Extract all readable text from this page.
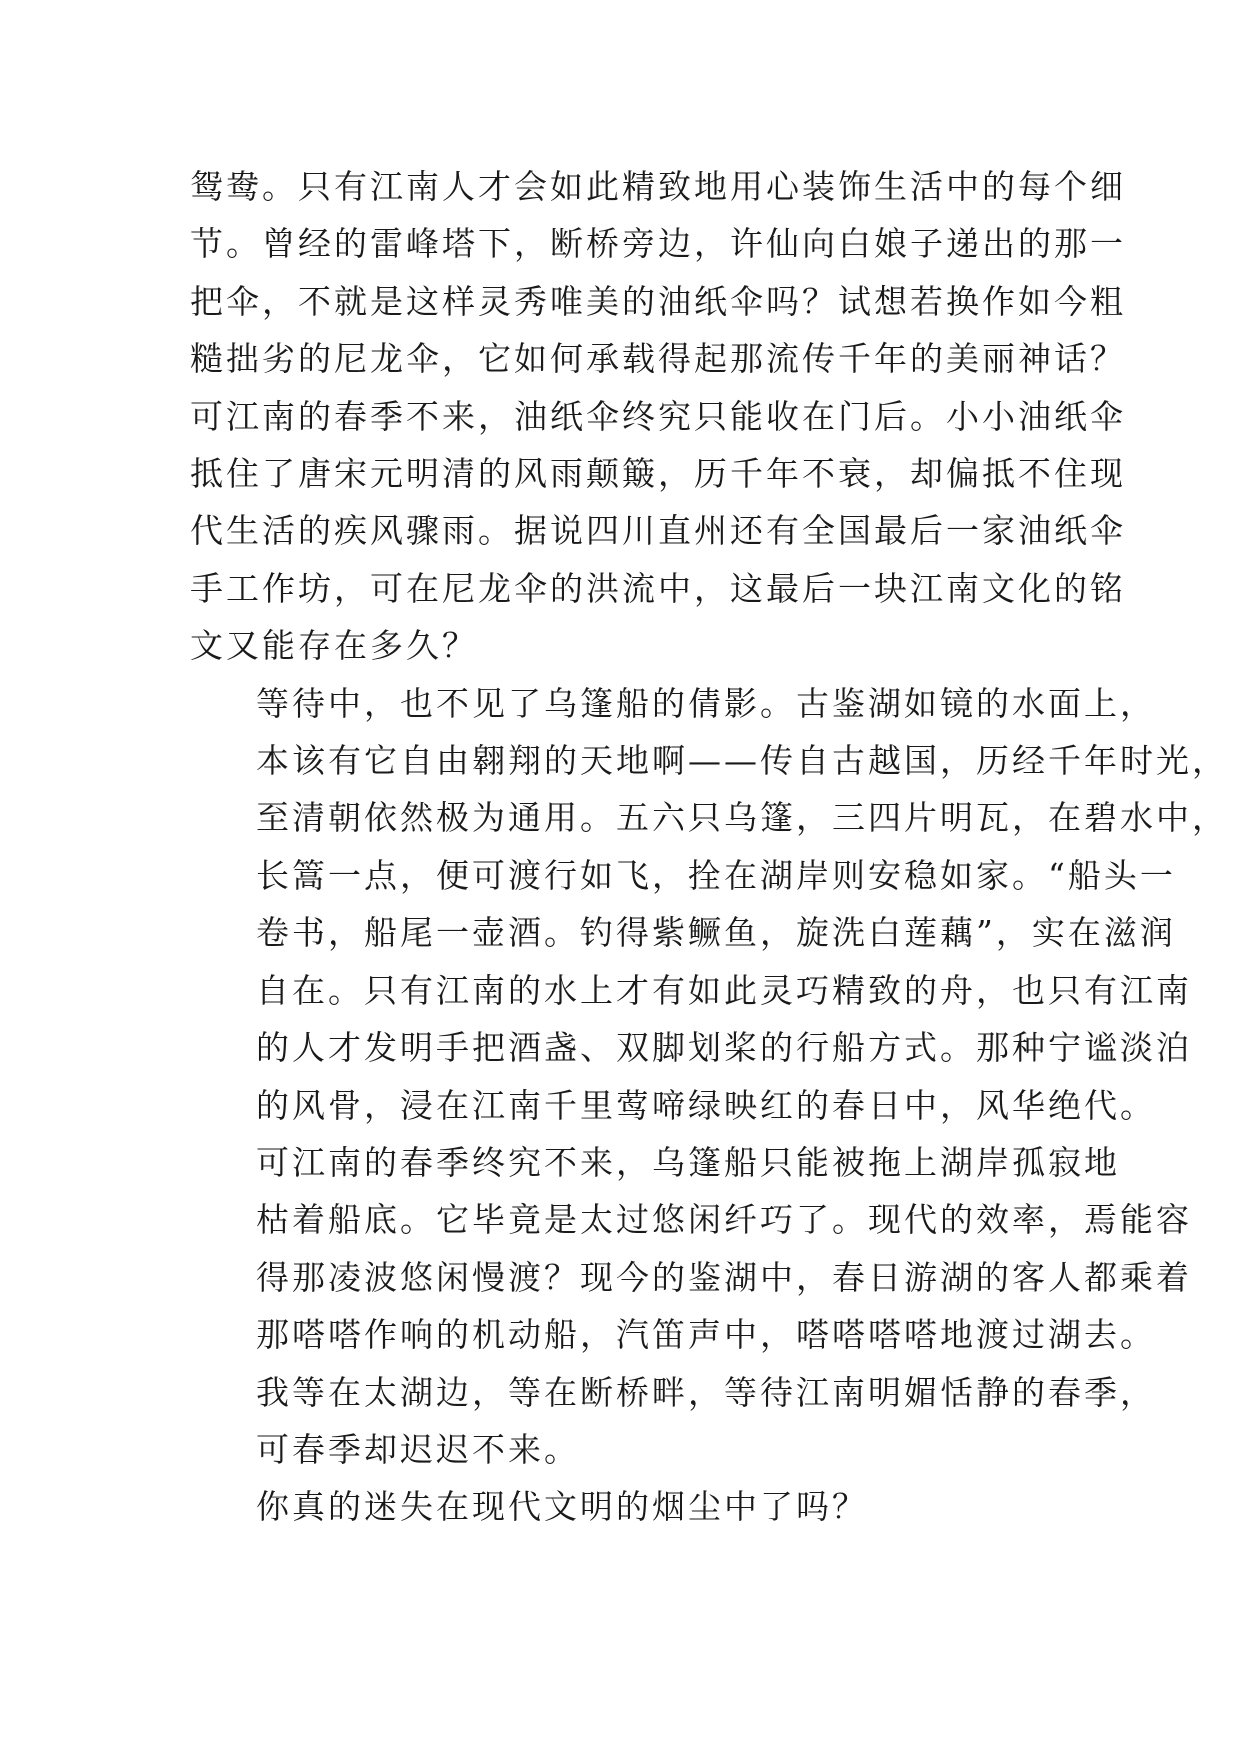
鸳鸯。只有江南人才会如此精致地用心装饰生活中的每个细
节。曾经的雷峰塔下，断桥旁边，许仙向白娘子递出的那一
把伞，不就是这样灵秀唯美的油纸伞吗？试想若换作如今粗
糙拙劣的尼龙伞，它如何承载得起那流传千年的美丽神话？
可江南的春季不来，油纸伞终究只能收在门后。小小油纸伞
抵住了唐宋元明清的风雨颠簸，历千年不衰，却偏抵不住现
代生活的疾风骤雨。据说四川直州还有全国最后一家油纸伞
手工作坊，可在尼龙伞的洪流中，这最后一块江南文化的铭
文又能存在多久？

等待中，也不见了乌篷船的倩影。古鉴湖如镜的水面上，
本该有它自由翱翔的天地啊——传自古越国，历经千年时光，
至清朝依然极为通用。五六只乌篷，三四片明瓦，在碧水中，
长篙一点，便可渡行如飞，拴在湖岸则安稳如家。“船头一
卷书，船尾一壶酒。钓得紫鳜鱼，旋洗白莲藕”，实在滋润
自在。只有江南的水上才有如此灵巧精致的舟，也只有江南
的人才发明手把酒盏、双脚划桨的行船方式。那种宁谧淡泊
的风骨，浸在江南千里莺啼绿映红的春日中，风华绝代。

可江南的春季终究不来，乌篷船只能被拖上湖岸孤寂地
枯着船底。它毕竟是太过悠闲纤巧了。现代的效率，焉能容
得那凌波悠闲慢渡？现今的鉴湖中，春日游湖的客人都乘着
那嗒嗒作响的机动船，汽笛声中，嗒嗒嗒嗒地渡过湖去。

我等在太湖边，等在断桥畔，等待江南明媚恬静的春季，
可春季却迟迟不来。

你真的迷失在现代文明的烟尘中了吗？
